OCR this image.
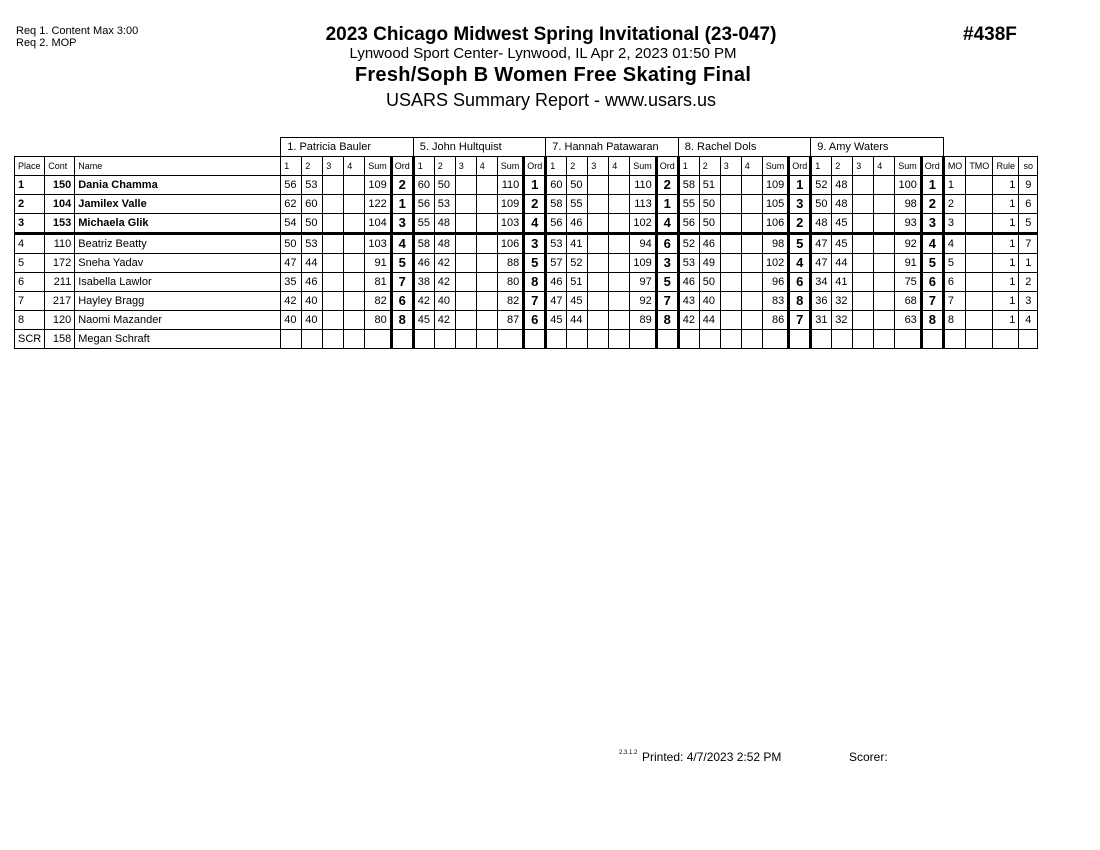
Req 1. Content Max 3:00
Req 2. MOP	2023 Chicago Midwest Spring Invitational (23-047)
Lynwood Sport Center- Lynwood, IL Apr 2, 2023 01:50 PM
Fresh/Soph B Women Free Skating Final
USARS Summary Report - www.usars.us
#438F
			1. Patricia Bauler						5. John Hultquist						7. Hannah Patawaran						8. Rachel Dols						9. Amy Waters									
Place	Cont	Name	1	2	3	4	Sum	Ord	1	2	3	4	Sum	Ord	1	2	3	4	Sum	Ord	1	2	3	4	Sum	Ord	1	2	3	4	Sum	Ord	MO	TMO	Rule	so
1	150	Dania Chamma	56	53			109	2	60	50			110	1	60	50			110	2	58	51			109	1	52	48			100	1	1		1	9
2	104	Jamilex Valle	62	60			122	1	56	53			109	2	58	55			113	1	55	50			105	3	50	48			98	2	2		1	6
3	153	Michaela Glik	54	50			104	3	55	48			103	4	56	46			102	4	56	50			106	2	48	45			93	3	3		1	5
4	110	Beatriz Beatty	50	53			103	4	58	48			106	3	53	41			94	6	52	46			98	5	47	45			92	4	4		1	7
5	172	Sneha Yadav	47	44			91	5	46	42			88	5	57	52			109	3	53	49			102	4	47	44			91	5	5		1	1
6	211	Isabella Lawlor	35	46			81	7	38	42			80	8	46	51			97	5	46	50			96	6	34	41			75	6	6		1	2
7	217	Hayley Bragg	42	40			82	6	42	40			82	7	47	45			92	7	43	40			83	8	36	32			68	7	7		1	3
8	120	Naomi Mazander	40	40			80	8	45	42			87	6	45	44			89	8	42	44			86	7	31	32			63	8	8		1	4
SCR	158	Megan Schraft																																		
2.3.1.2 Printed: 4/7/2023 2:52 PM	Scorer:
